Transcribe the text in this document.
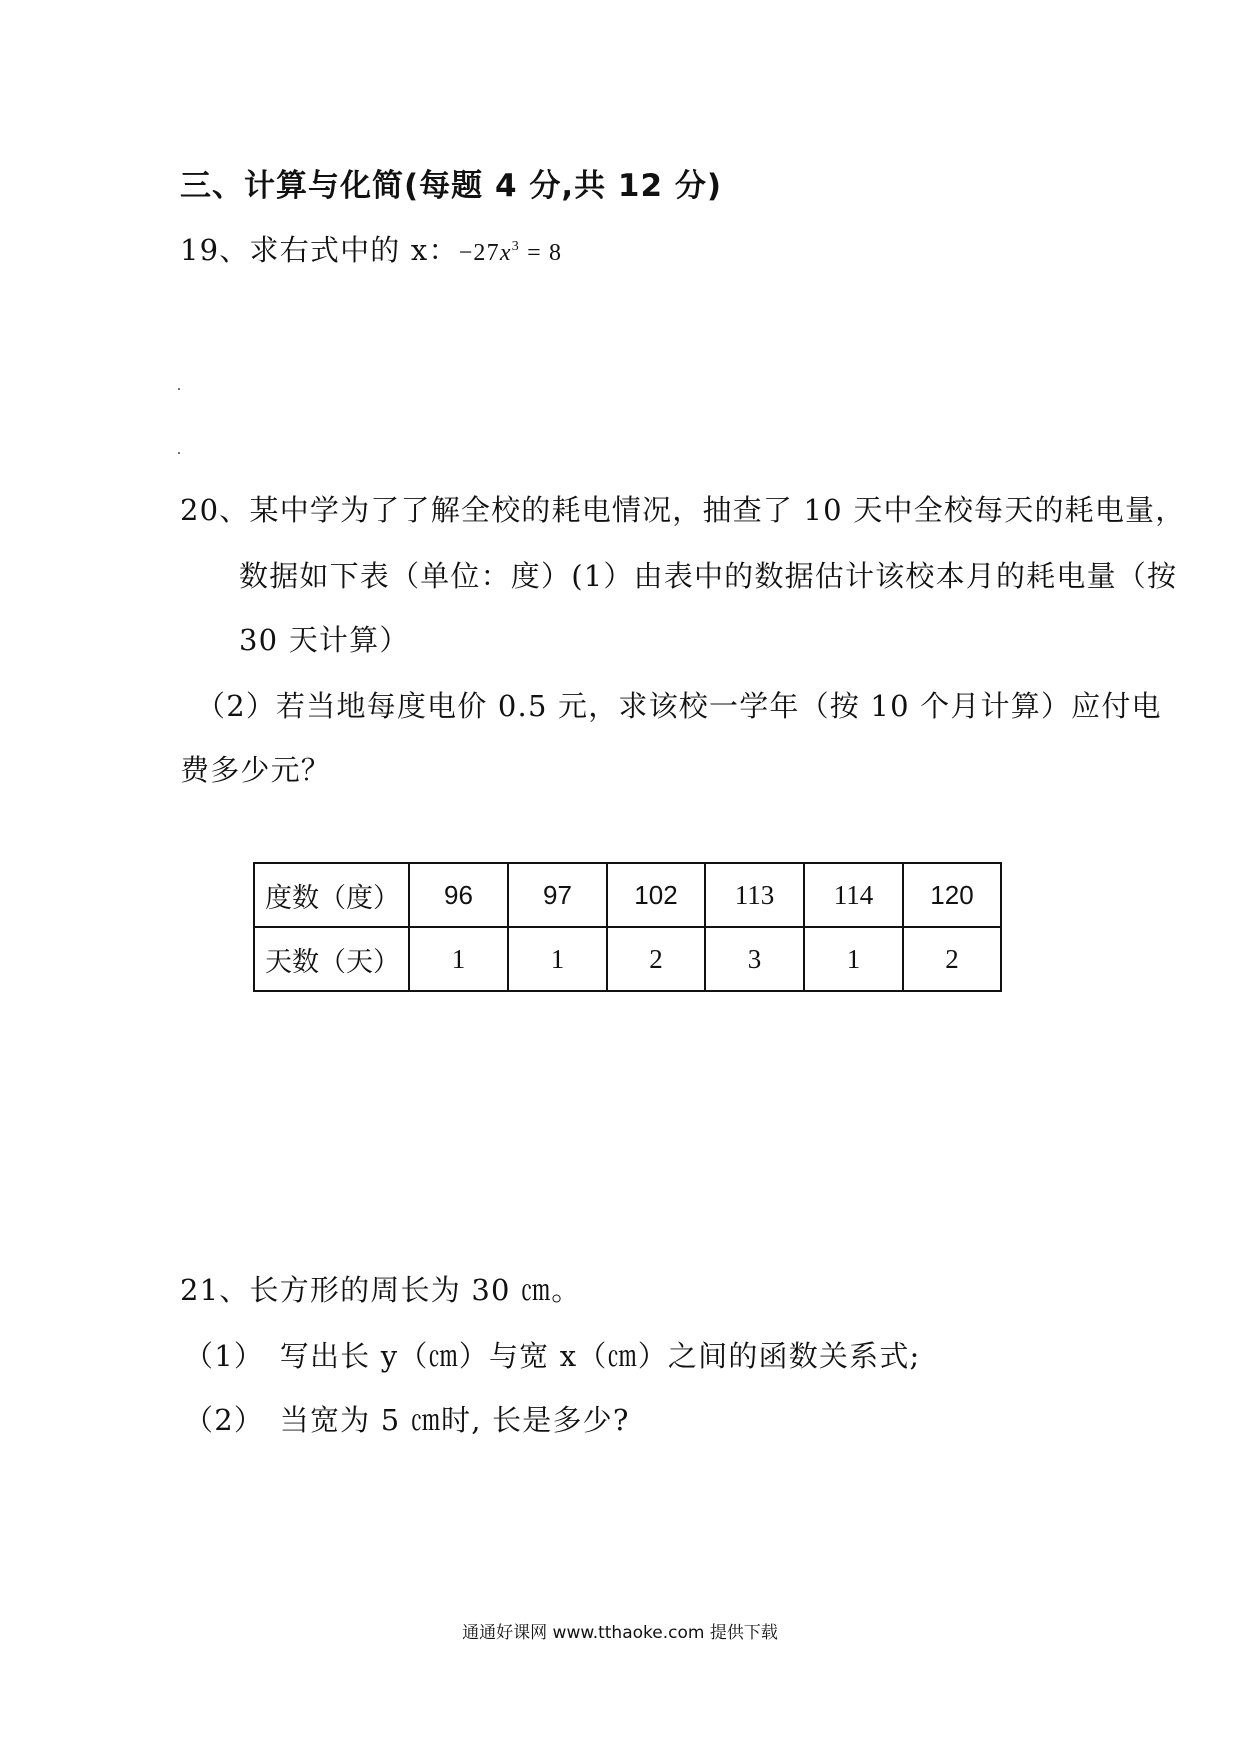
三、计算与化简(每题 4 分,共 12 分)
19、求右式中的 x：$-27x^3 = 8$
20、某中学为了了解全校的耗电情况，抽查了 10 天中全校每天的耗电量，
数据如下表（单位：度）(1）由表中的数据估计该校本月的耗电量（按
30 天计算）
（2）若当地每度电价 0.5 元，求该校一学年（按 10 个月计算）应付电
费多少元？
度数（度）	96	97	102	113	114	120
天数（天）	1	1	2	3	1	2
21、长方形的周长为 30 ㎝。
（1）　写出长 y（㎝）与宽 x（㎝）之间的函数关系式;
（2）　当宽为 5 ㎝时, 长是多少?
通通好课网 www.tthaoke.com 提供下载
